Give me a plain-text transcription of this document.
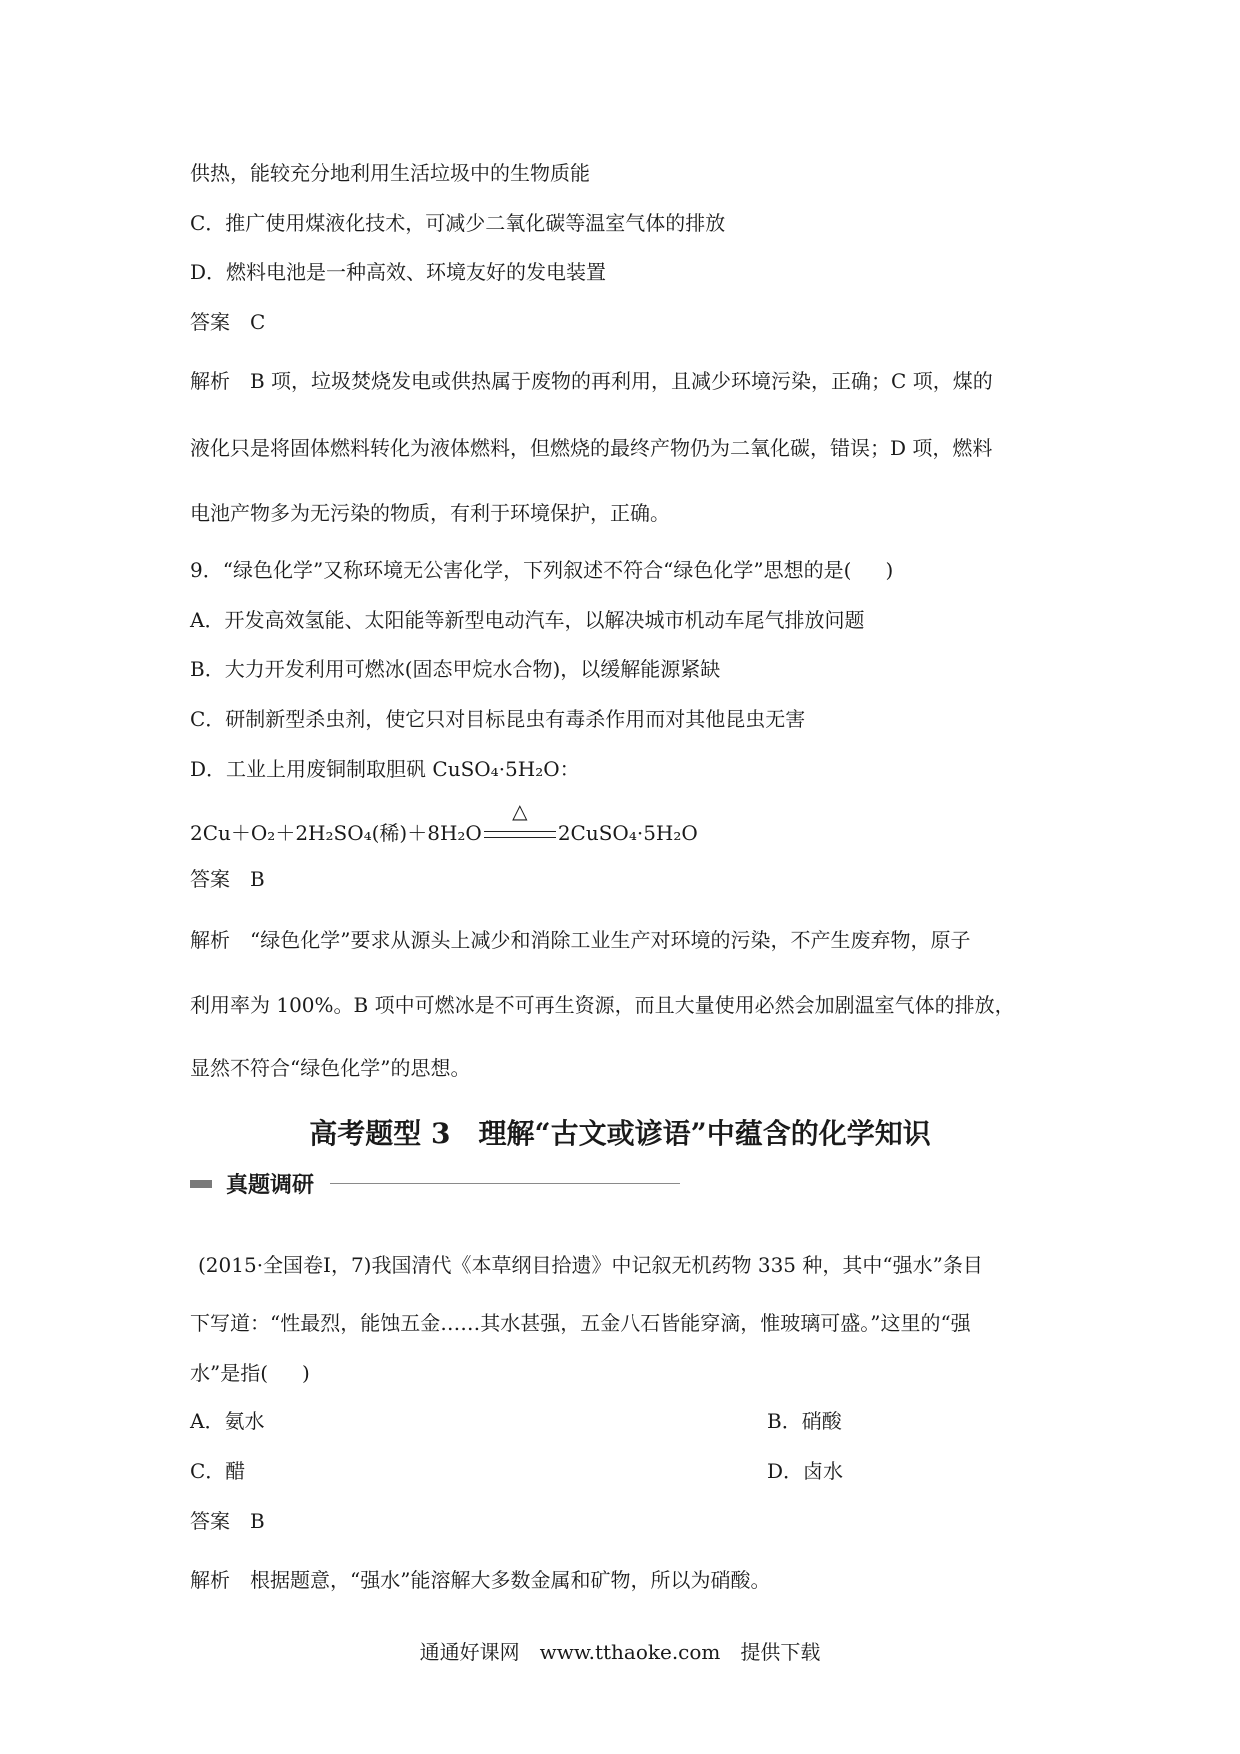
供热，能较充分地利用生活垃圾中的生物质能
C．推广使用煤液化技术，可减少二氧化碳等温室气体的排放
D．燃料电池是一种高效、环境友好的发电装置
答案　C
解析　B 项，垃圾焚烧发电或供热属于废物的再利用，且减少环境污染，正确；C 项，煤的
液化只是将固体燃料转化为液体燃料，但燃烧的最终产物仍为二氧化碳，错误；D 项，燃料
电池产物多为无污染的物质，有利于环境保护，正确。
9．“绿色化学”又称环境无公害化学，下列叙述不符合“绿色化学”思想的是( )
A．开发高效氢能、太阳能等新型电动汽车，以解决城市机动车尾气排放问题
B．大力开发利用可燃冰(固态甲烷水合物)，以缓解能源紧缺
C．研制新型杀虫剂，使它只对目标昆虫有毒杀作用而对其他昆虫无害
D．工业上用废铜制取胆矾 CuSO₄·5H₂O：
2Cu＋O₂＋2H₂SO₄(稀)＋8H₂O
△
2CuSO₄·5H₂O
答案　B
解析　“绿色化学”要求从源头上减少和消除工业生产对环境的污染，不产生废弃物，原子
利用率为 100%。B 项中可燃冰是不可再生资源，而且大量使用必然会加剧温室气体的排放，
显然不符合“绿色化学”的思想。
高考题型 3　理解“古文或谚语”中蕴含的化学知识
真题调研
(2015·全国卷Ⅰ，7)我国清代《本草纲目拾遗》中记叙无机药物 335 种，其中“强水”条目
下写道：“性最烈，能蚀五金……其水甚强，五金八石皆能穿滴，惟玻璃可盛。”这里的“强
水”是指( )
A．氨水	B．硝酸
C．醋	D．卤水
答案　B
解析　根据题意，“强水”能溶解大多数金属和矿物，所以为硝酸。
通通好课网　www.tthaoke.com　提供下载
